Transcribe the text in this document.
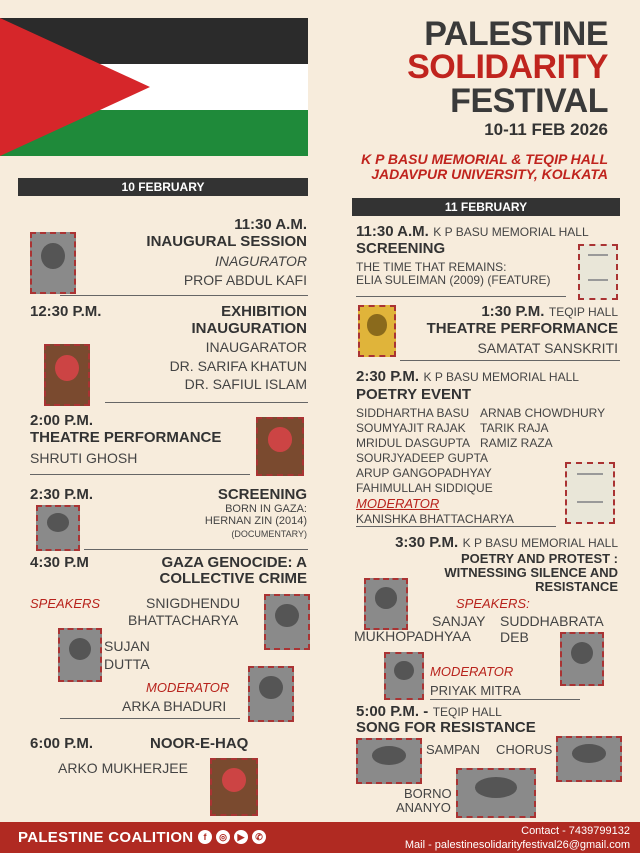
PALESTINE
SOLIDARITY
FESTIVAL
10-11 FEB 2026
K P BASU MEMORIAL & TEQIP HALL
JADAVPUR UNIVERSITY, KOLKATA
10 FEBRUARY
11:30 A.M.
INAUGURAL SESSION
INAGURATOR
PROF ABDUL KAFI
12:30 P.M.	EXHIBITION
INAUGURATION
INAUGARATOR
DR. SARIFA KHATUN
DR. SAFIUL ISLAM
2:00 P.M.
THEATRE PERFORMANCE
SHRUTI GHOSH
2:30 P.M.	SCREENING
BORN IN GAZA:
HERNAN ZIN (2014)
(DOCUMENTARY)
4:30 P.M	GAZA GENOCIDE: A
COLLECTIVE CRIME
SPEAKERS	SNIGDHENDU
BHATTACHARYA
SUJAN
DUTTA
MODERATOR
ARKA BHADURI
6:00 P.M.	NOOR-E-HAQ
ARKO MUKHERJEE
11 FEBRUARY
11:30 A.M. K P BASU MEMORIAL HALL
SCREENING
THE TIME THAT REMAINS:
ELIA SULEIMAN (2009) (FEATURE)
1:30 P.M. TEQIP HALL
THEATRE PERFORMANCE
SAMATAT SANSKRITI
2:30 P.M. K P BASU MEMORIAL HALL
POETRY EVENT
SIDDHARTHA BASU ARNAB CHOWDHURY
SOUMYAJIT RAJAK TARIK RAJA
MRIDUL DASGUPTA RAMIZ RAZA
SOURJYADEEP GUPTA
ARUP GANGOPADHYAY
FAHIMULLAH SIDDIQUE
MODERATOR
KANISHKA BHATTACHARYA
3:30 P.M. K P BASU MEMORIAL HALL
POETRY AND PROTEST :
WITNESSING SILENCE AND
RESISTANCE
SPEAKERS:
SANJAY
MUKHOPADHYAA
SUDDHABRATA
DEB
MODERATOR
PRIYAK MITRA
5:00 P.M. - TEQIP HALL
SONG FOR RESISTANCE
SAMPAN CHORUS
BORNO
ANANYO
PALESTINE COALITION	f	◎	▶	✆	Contact - 7439799132
Mail - palestinesolidarityfestival26@gmail.com
